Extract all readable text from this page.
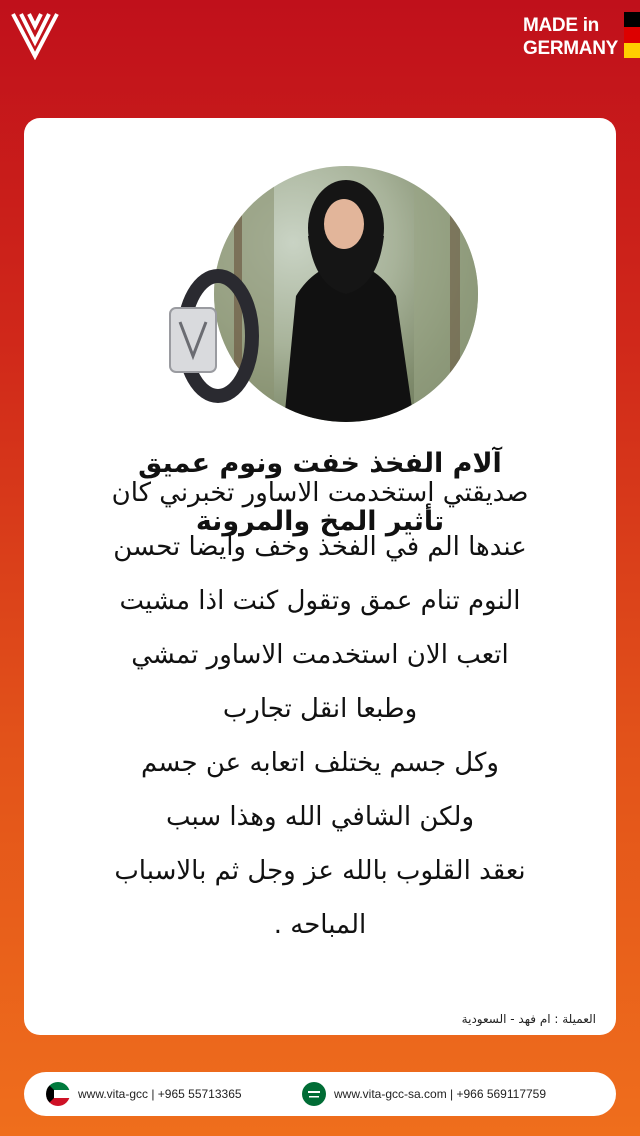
MADE in
GERMANY
آلام الفخذ خفت ونوم عميق
تأثير المخ والمرونة
صديقتي استخدمت الاساور تخبرني كان
عندها الم في الفخذ وخف وايضا تحسن
النوم تنام عمق وتقول كنت اذا مشيت
اتعب الان استخدمت الاساور تمشي
وطبعا انقل تجارب
وكل جسم يختلف اتعابه عن جسم
ولكن الشافي الله وهذا سبب
نعقد القلوب بالله عز وجل ثم بالاسباب
المباحه .
العميلة : ام فهد - السعودية
www.vita-gcc | +965 55713365	www.vita-gcc-sa.com | +966 569117759
